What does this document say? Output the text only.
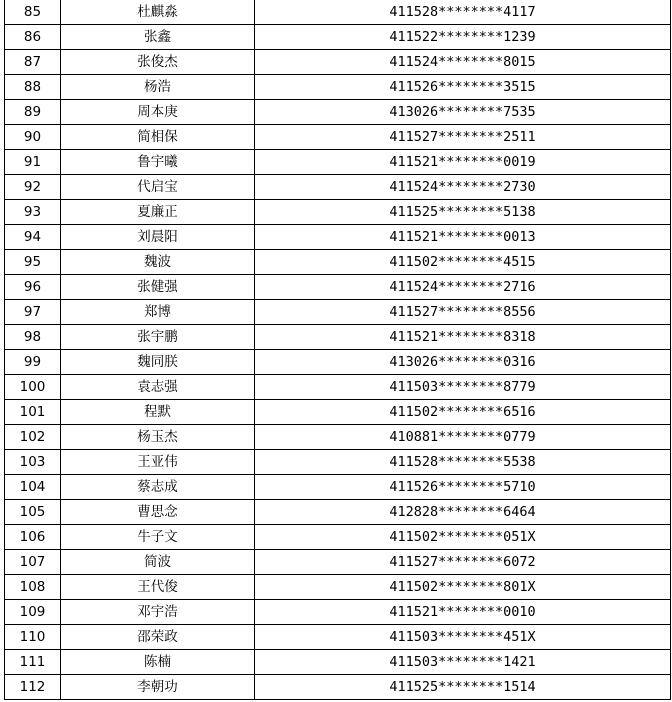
85	杜麒淼	411528********4117
86	张鑫	411522********1239
87	张俊杰	411524********8015
88	杨浩	411526********3515
89	周本庚	413026********7535
90	简相保	411527********2511
91	鲁宇曦	411521********0019
92	代启宝	411524********2730
93	夏廉正	411525********5138
94	刘晨阳	411521********0013
95	魏波	411502********4515
96	张健强	411524********2716
97	郑博	411527********8556
98	张宇鹏	411521********8318
99	魏同朕	413026********0316
100	袁志强	411503********8779
101	程默	411502********6516
102	杨玉杰	410881********0779
103	王亚伟	411528********5538
104	蔡志成	411526********5710
105	曹思念	412828********6464
106	牛子文	411502********051X
107	简波	411527********6072
108	王代俊	411502********801X
109	邓宇浩	411521********0010
110	邵荣政	411503********451X
111	陈楠	411503********1421
112	李朝功	411525********1514
